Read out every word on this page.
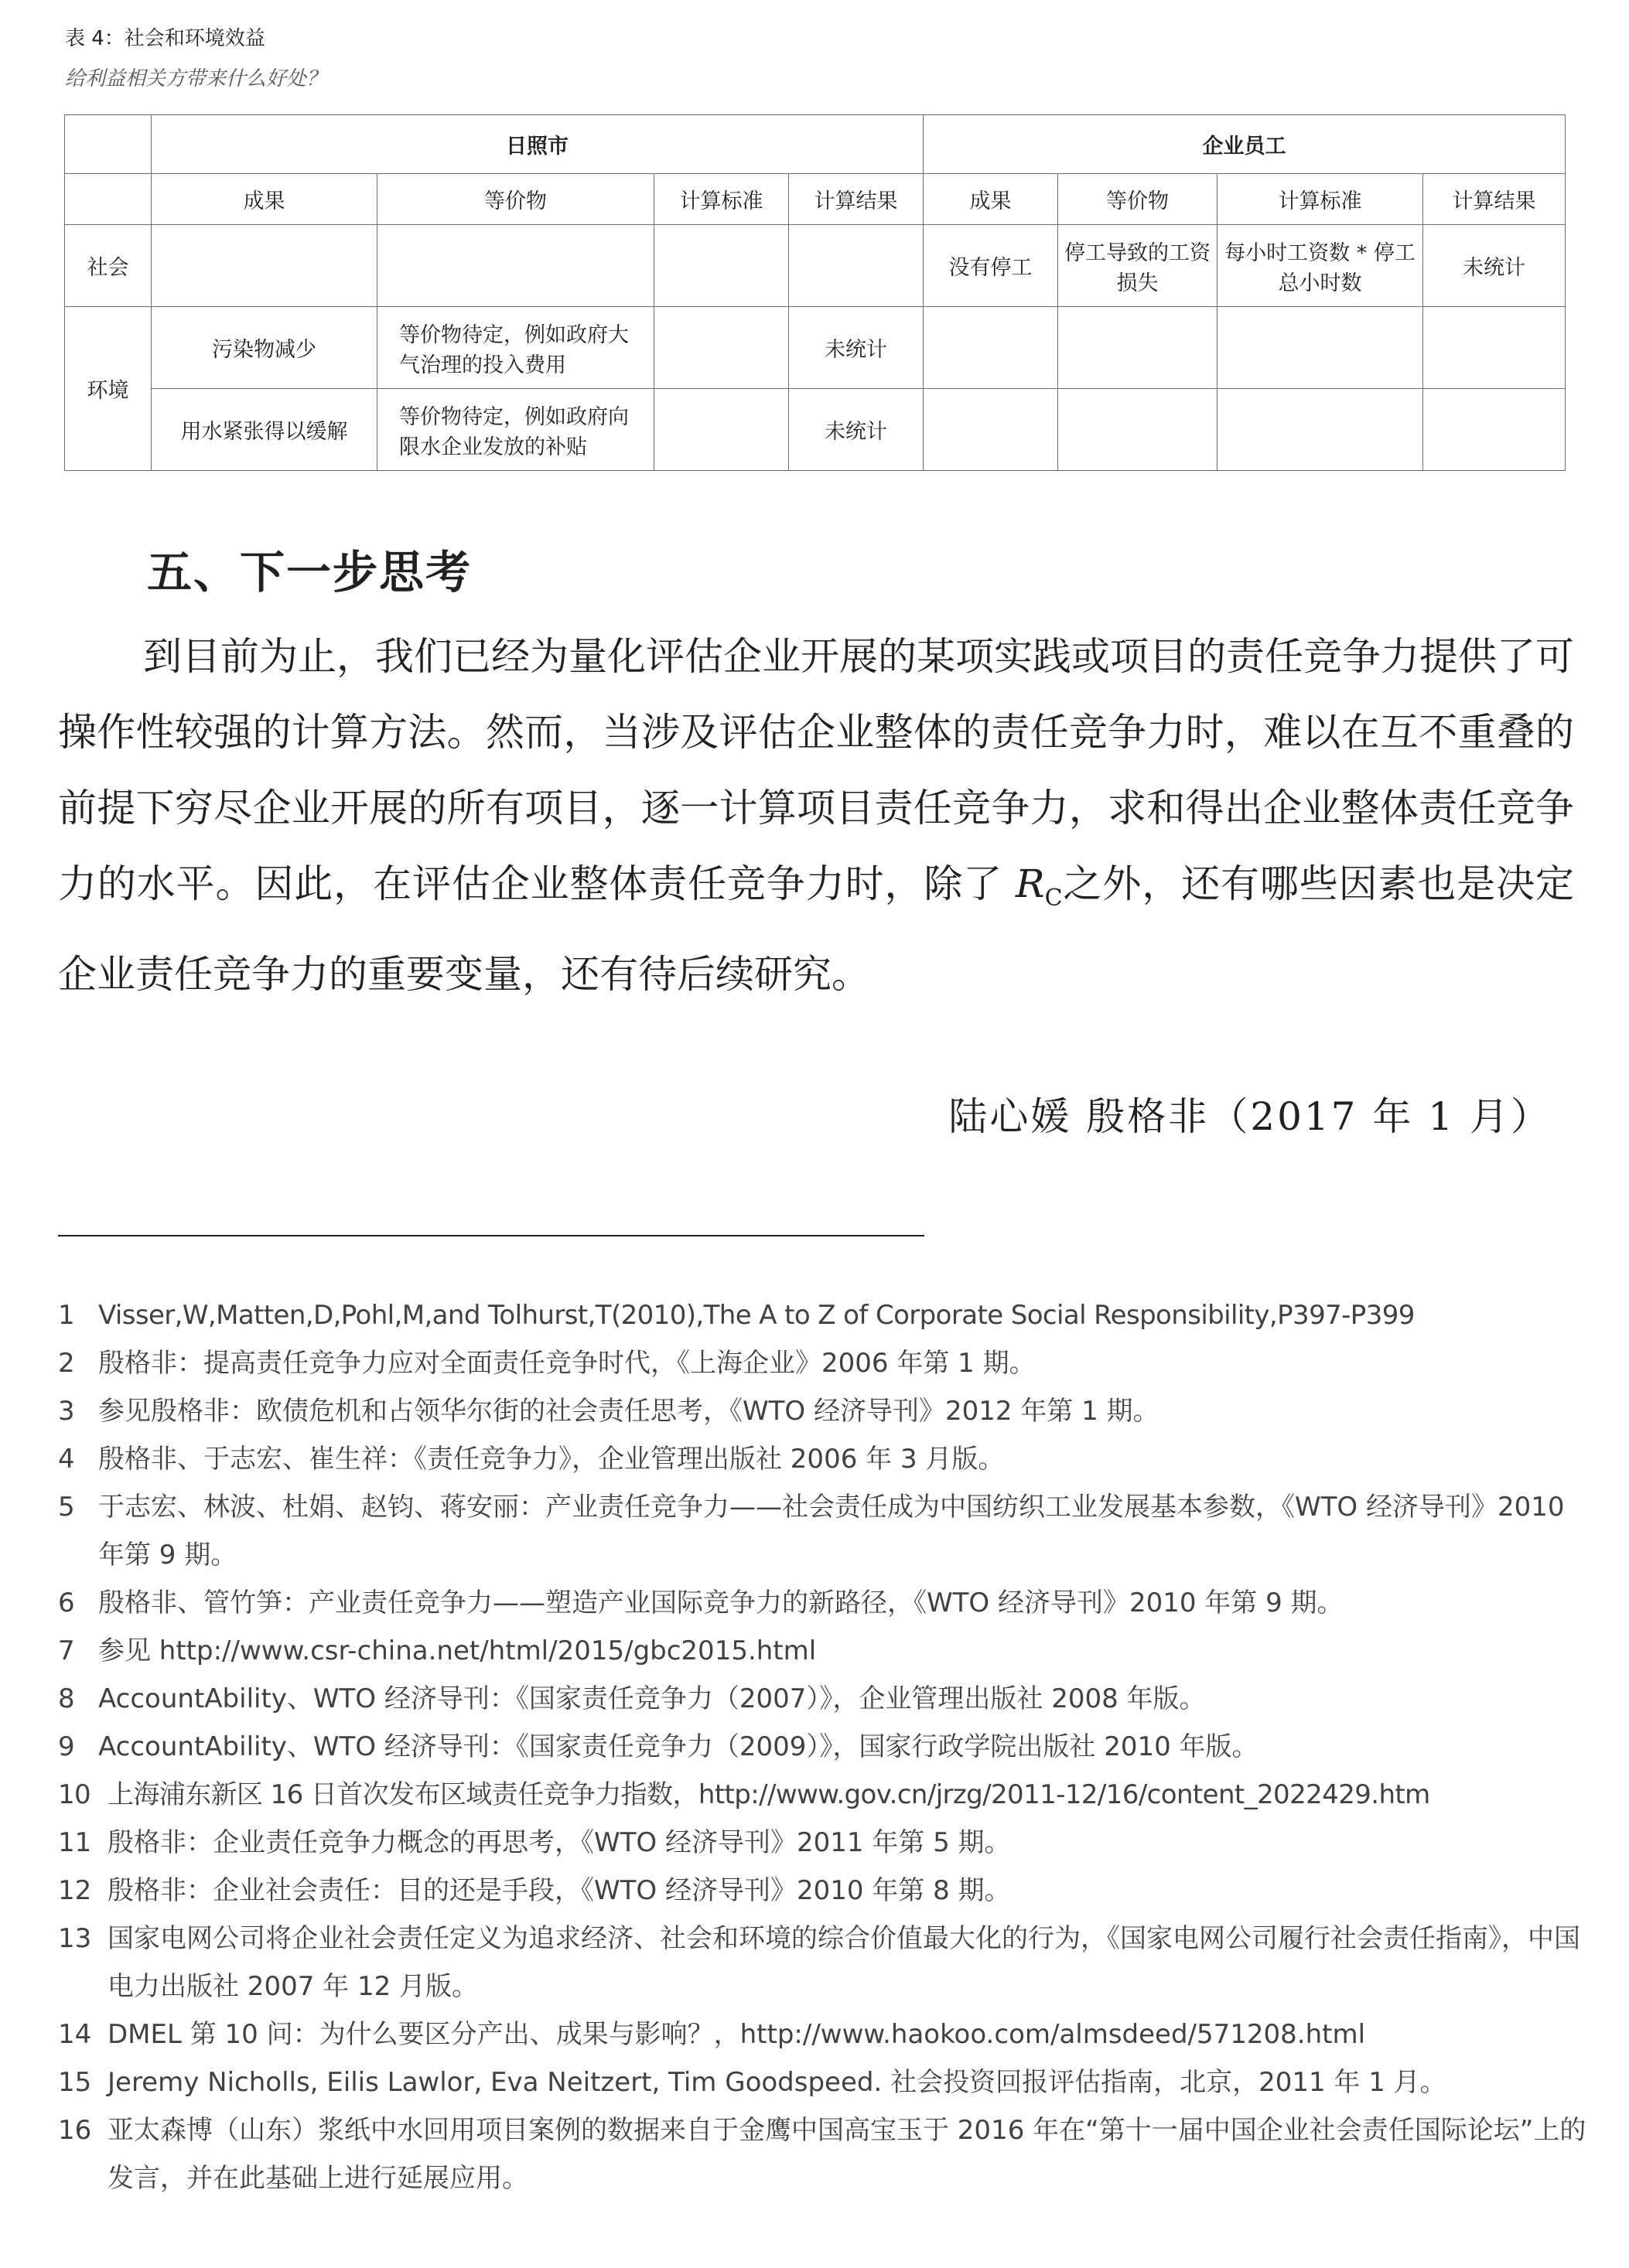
表 4：社会和环境效益
给利益相关方带来什么好处？
	日照市				企业员工			
	成果	等价物	计算标准	计算结果	成果	等价物	计算标准	计算结果
社会					没有停工	停工导致的工资损失	每小时工资数 * 停工总小时数	未统计
环境	污染物减少	等价物待定，例如政府大气治理的投入费用		未统计				
	用水紧张得以缓解	等价物待定，例如政府向限水企业发放的补贴		未统计				
五、下一步思考

到目前为止，我们已经为量化评估企业开展的某项实践或项目的责任竞争力提供了可操作性较强的计算方法。然而，当涉及评估企业整体的责任竞争力时，难以在互不重叠的前提下穷尽企业开展的所有项目，逐一计算项目责任竞争力，求和得出企业整体责任竞争力的水平。因此，在评估企业整体责任竞争力时，除了 $R_C$之外，还有哪些因素也是决定企业责任竞争力的重要变量，还有待后续研究。

陆心媛 殷格非（2017 年 1 月）
1 Visser,W,Matten,D,Pohl,M,and Tolhurst,T(2010),The A to Z of Corporate Social Responsibility,P397-P399
2 殷格非：提高责任竞争力应对全面责任竞争时代，《上海企业》2006 年第 1 期。
3 参见殷格非：欧债危机和占领华尔街的社会责任思考，《WTO 经济导刊》2012 年第 1 期。
4 殷格非、于志宏、崔生祥：《责任竞争力》，企业管理出版社 2006 年 3 月版。
5 于志宏、林波、杜娟、赵钧、蒋安丽：产业责任竞争力——社会责任成为中国纺织工业发展基本参数，《WTO 经济导刊》2010 年第 9 期。
6 殷格非、管竹笋：产业责任竞争力——塑造产业国际竞争力的新路径，《WTO 经济导刊》2010 年第 9 期。
7 参见 http://www.csr-china.net/html/2015/gbc2015.html
8 AccountAbility、WTO 经济导刊：《国家责任竞争力（2007）》，企业管理出版社 2008 年版。
9 AccountAbility、WTO 经济导刊：《国家责任竞争力（2009）》，国家行政学院出版社 2010 年版。
10 上海浦东新区 16 日首次发布区域责任竞争力指数，http://www.gov.cn/jrzg/2011-12/16/content_2022429.htm
11 殷格非：企业责任竞争力概念的再思考，《WTO 经济导刊》2011 年第 5 期。
12 殷格非：企业社会责任：目的还是手段，《WTO 经济导刊》2010 年第 8 期。
13 国家电网公司将企业社会责任定义为追求经济、社会和环境的综合价值最大化的行为，《国家电网公司履行社会责任指南》，中国电力出版社 2007 年 12 月版。
14 DMEL 第 10 问：为什么要区分产出、成果与影响？，http://www.haokoo.com/almsdeed/571208.html
15 Jeremy Nicholls, Eilis Lawlor, Eva Neitzert, Tim Goodspeed. 社会投资回报评估指南，北京，2011 年 1 月。
16 亚太森博（山东）浆纸中水回用项目案例的数据来自于金鹰中国高宝玉于 2016 年在“第十一届中国企业社会责任国际论坛”上的发言，并在此基础上进行延展应用。
